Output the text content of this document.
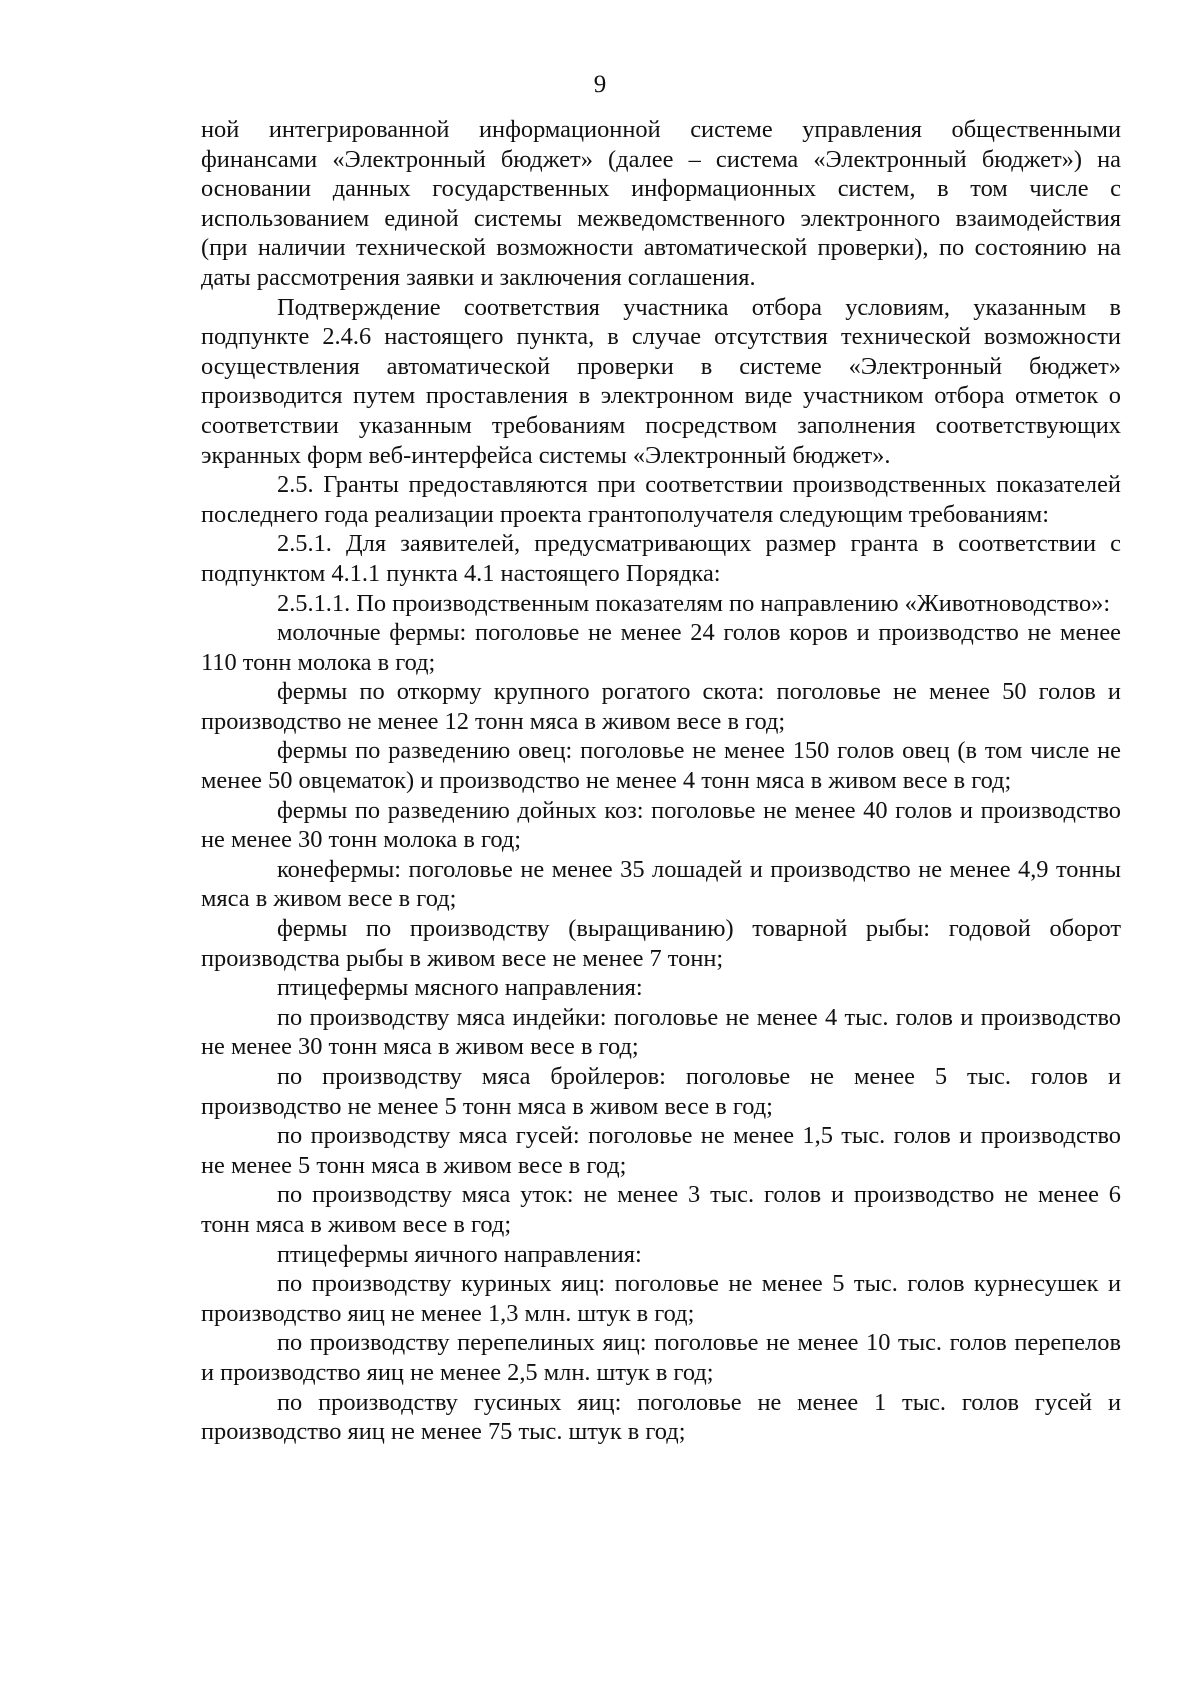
9

ной интегрированной информационной системе управления общественными финансами «Электронный бюджет» (далее – система «Электронный бюджет») на основании данных государственных информационных систем, в том числе с использованием единой системы межведомственного электронного взаимодействия (при наличии технической возможности автоматической проверки), по состоянию на даты рассмотрения заявки и заключения соглашения.

Подтверждение соответствия участника отбора условиям, указанным в подпункте 2.4.6 настоящего пункта, в случае отсутствия технической возможности осуществления автоматической проверки в системе «Электронный бюджет» производится путем проставления в электронном виде участником отбора отметок о соответствии указанным требованиям посредством заполнения соответствующих экранных форм веб-интерфейса системы «Электронный бюджет».

2.5. Гранты предоставляются при соответствии производственных показателей последнего года реализации проекта грантополучателя следующим требованиям:

2.5.1. Для заявителей, предусматривающих размер гранта в соответствии с подпунктом 4.1.1 пункта 4.1 настоящего Порядка:

2.5.1.1. По производственным показателям по направлению «Животноводство»:

молочные фермы: поголовье не менее 24 голов коров и производство не менее 110 тонн молока в год;

фермы по откорму крупного рогатого скота: поголовье не менее 50 голов и производство не менее 12 тонн мяса в живом весе в год;

фермы по разведению овец: поголовье не менее 150 голов овец (в том числе не менее 50 овцематок) и производство не менее 4 тонн мяса в живом весе в год;

фермы по разведению дойных коз: поголовье не менее 40 голов и производство не менее 30 тонн молока в год;

конефермы: поголовье не менее 35 лошадей и производство не менее 4,9 тонны мяса в живом весе в год;

фермы по производству (выращиванию) товарной рыбы: годовой оборот производства рыбы в живом весе не менее 7 тонн;

птицефермы мясного направления:

по производству мяса индейки: поголовье не менее 4 тыс. голов и производство не менее 30 тонн мяса в живом весе в год;

по производству мяса бройлеров: поголовье не менее 5 тыс. голов и производство не менее 5 тонн мяса в живом весе в год;

по производству мяса гусей: поголовье не менее 1,5 тыс. голов и производство не менее 5 тонн мяса в живом весе в год;

по производству мяса уток: не менее 3 тыс. голов и производство не менее 6 тонн мяса в живом весе в год;

птицефермы яичного направления:

по производству куриных яиц: поголовье не менее 5 тыс. голов курнесушек и производство яиц не менее 1,3 млн. штук в год;

по производству перепелиных яиц: поголовье не менее 10 тыс. голов перепелов и производство яиц не менее 2,5 млн. штук в год;

по производству гусиных яиц: поголовье не менее 1 тыс. голов гусей и производство яиц не менее 75 тыс. штук в год;
